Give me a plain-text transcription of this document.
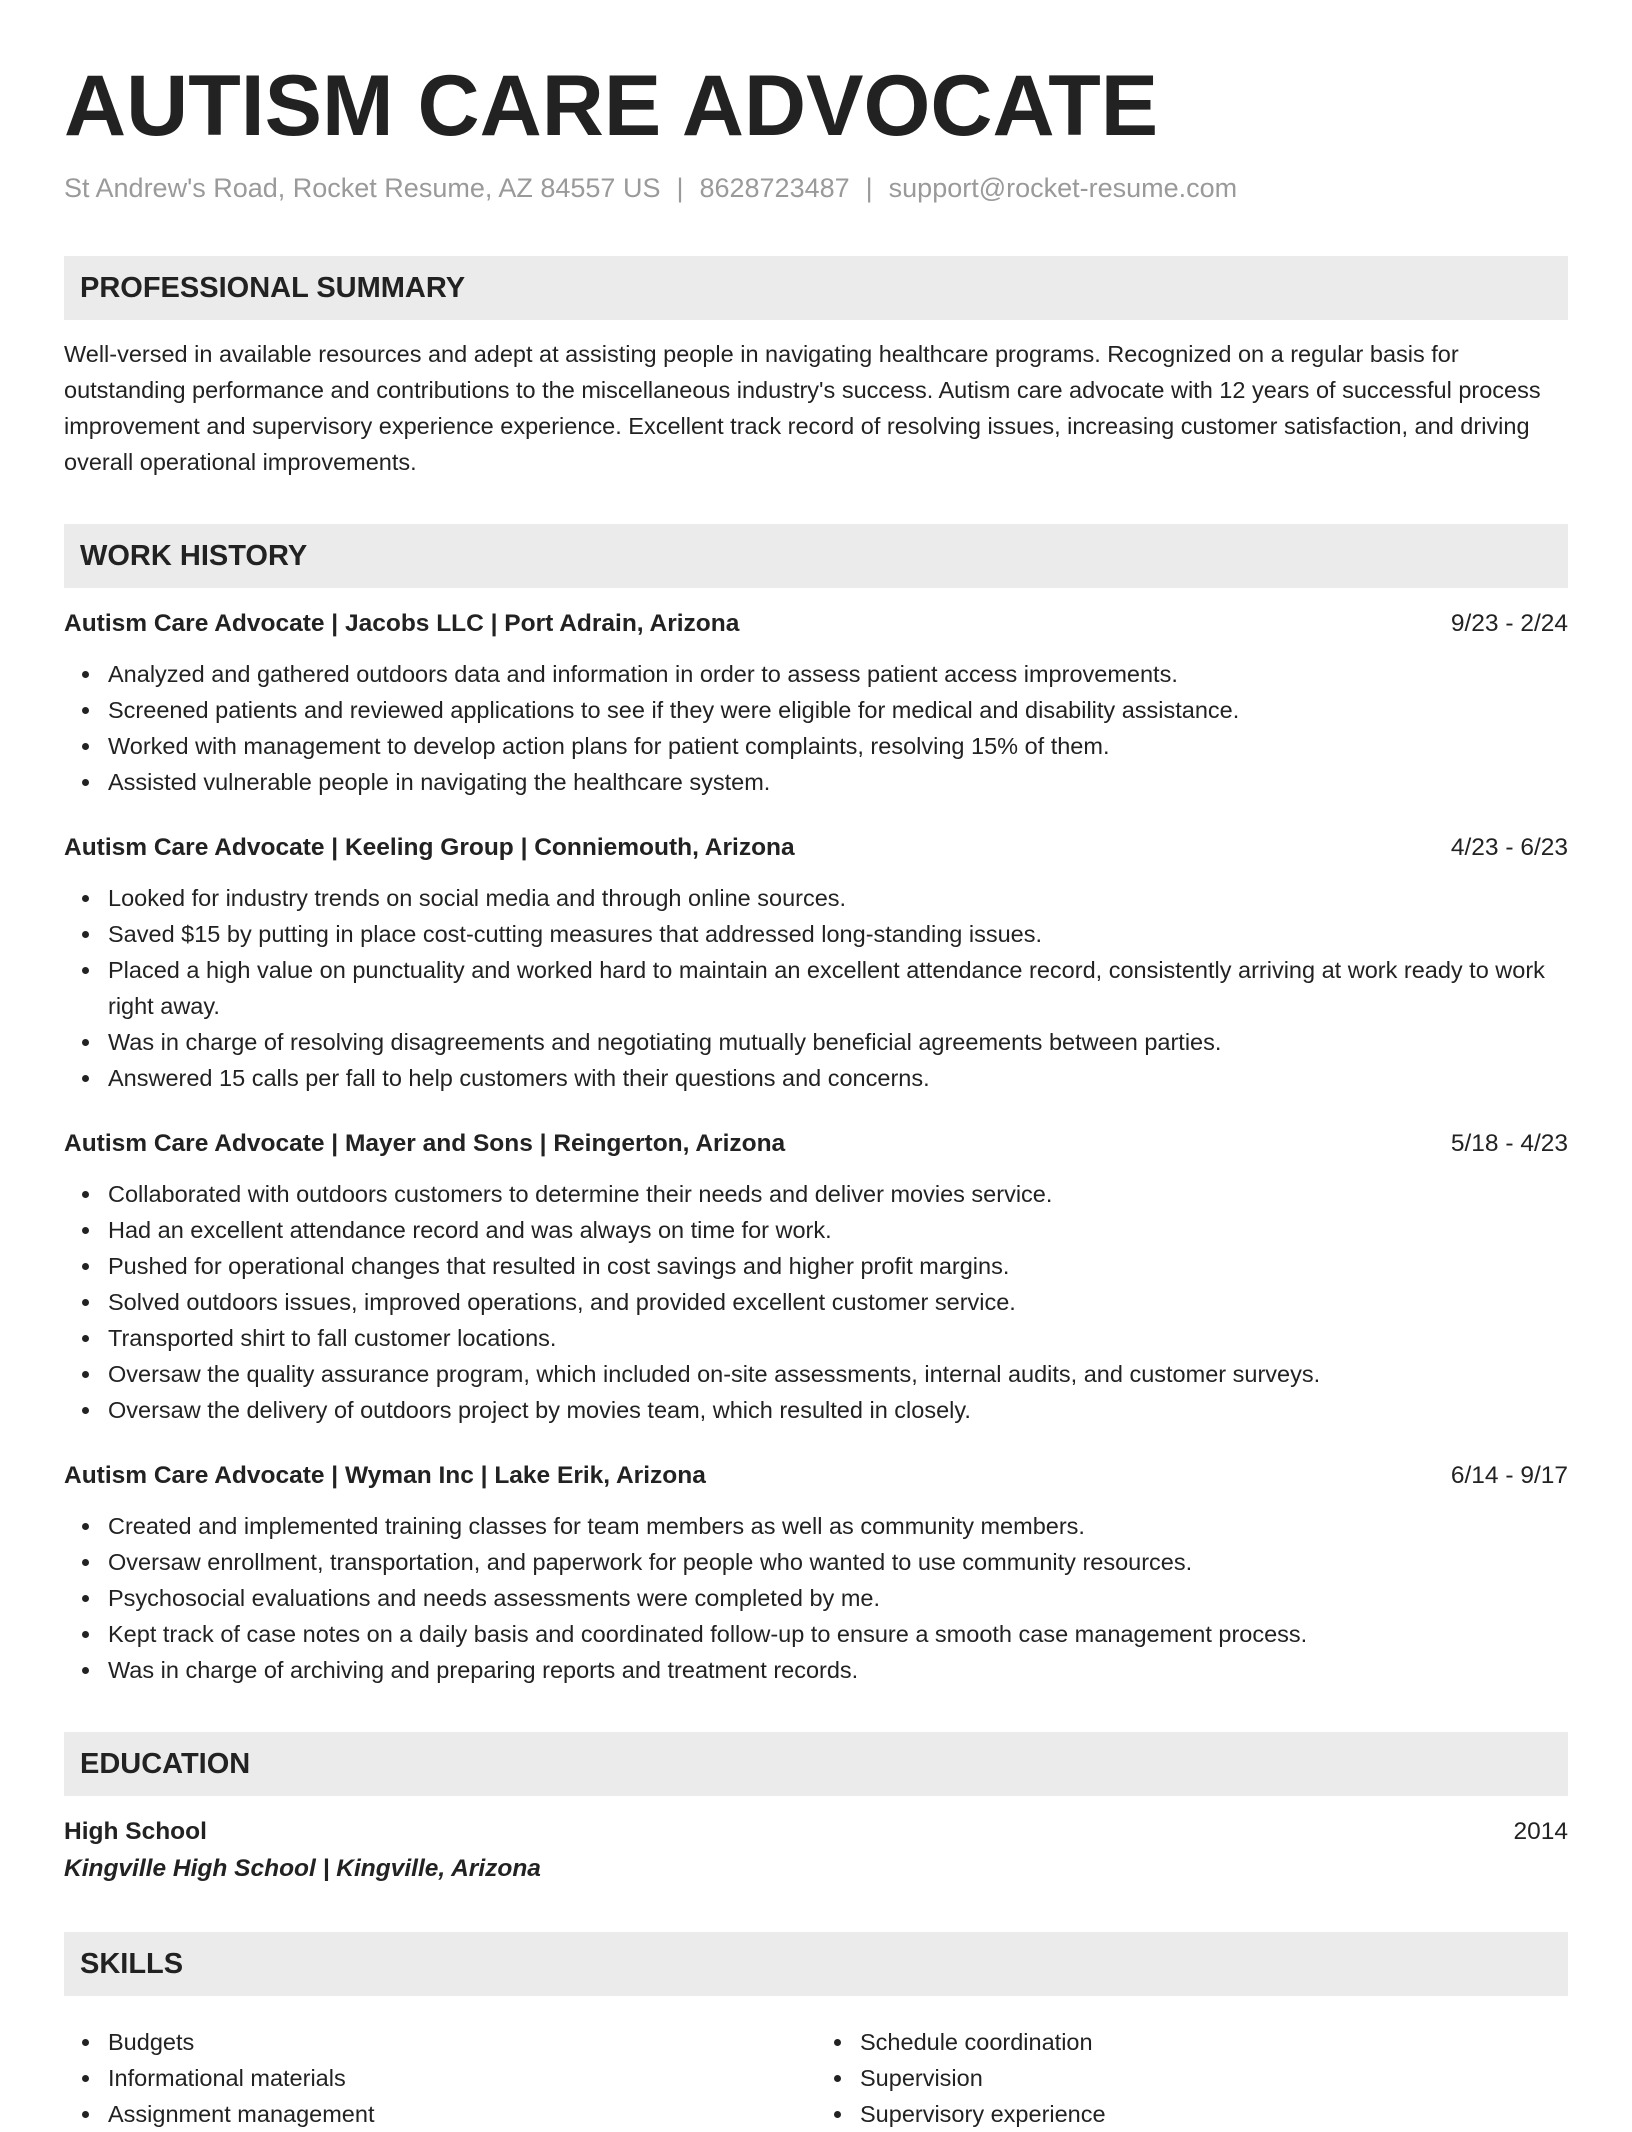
AUTISM CARE ADVOCATE
St Andrew's Road, Rocket Resume, AZ 84557 US | 8628723487 | support@rocket-resume.com
PROFESSIONAL SUMMARY
Well-versed in available resources and adept at assisting people in navigating healthcare programs. Recognized on a regular basis for outstanding performance and contributions to the miscellaneous industry's success. Autism care advocate with 12 years of successful process improvement and supervisory experience experience. Excellent track record of resolving issues, increasing customer satisfaction, and driving overall operational improvements.
WORK HISTORY
Autism Care Advocate | Jacobs LLC | Port Adrain, Arizona	9/23 - 2/24
Analyzed and gathered outdoors data and information in order to assess patient access improvements.
Screened patients and reviewed applications to see if they were eligible for medical and disability assistance.
Worked with management to develop action plans for patient complaints, resolving 15% of them.
Assisted vulnerable people in navigating the healthcare system.
Autism Care Advocate | Keeling Group | Conniemouth, Arizona	4/23 - 6/23
Looked for industry trends on social media and through online sources.
Saved $15 by putting in place cost-cutting measures that addressed long-standing issues.
Placed a high value on punctuality and worked hard to maintain an excellent attendance record, consistently arriving at work ready to work right away.
Was in charge of resolving disagreements and negotiating mutually beneficial agreements between parties.
Answered 15 calls per fall to help customers with their questions and concerns.
Autism Care Advocate | Mayer and Sons | Reingerton, Arizona	5/18 - 4/23
Collaborated with outdoors customers to determine their needs and deliver movies service.
Had an excellent attendance record and was always on time for work.
Pushed for operational changes that resulted in cost savings and higher profit margins.
Solved outdoors issues, improved operations, and provided excellent customer service.
Transported shirt to fall customer locations.
Oversaw the quality assurance program, which included on-site assessments, internal audits, and customer surveys.
Oversaw the delivery of outdoors project by movies team, which resulted in closely.
Autism Care Advocate | Wyman Inc | Lake Erik, Arizona	6/14 - 9/17
Created and implemented training classes for team members as well as community members.
Oversaw enrollment, transportation, and paperwork for people who wanted to use community resources.
Psychosocial evaluations and needs assessments were completed by me.
Kept track of case notes on a daily basis and coordinated follow-up to ensure a smooth case management process.
Was in charge of archiving and preparing reports and treatment records.
EDUCATION
High School	2014
Kingville High School | Kingville, Arizona
SKILLS
Budgets
Informational materials
Assignment management
Schedule coordination
Supervision
Supervisory experience
